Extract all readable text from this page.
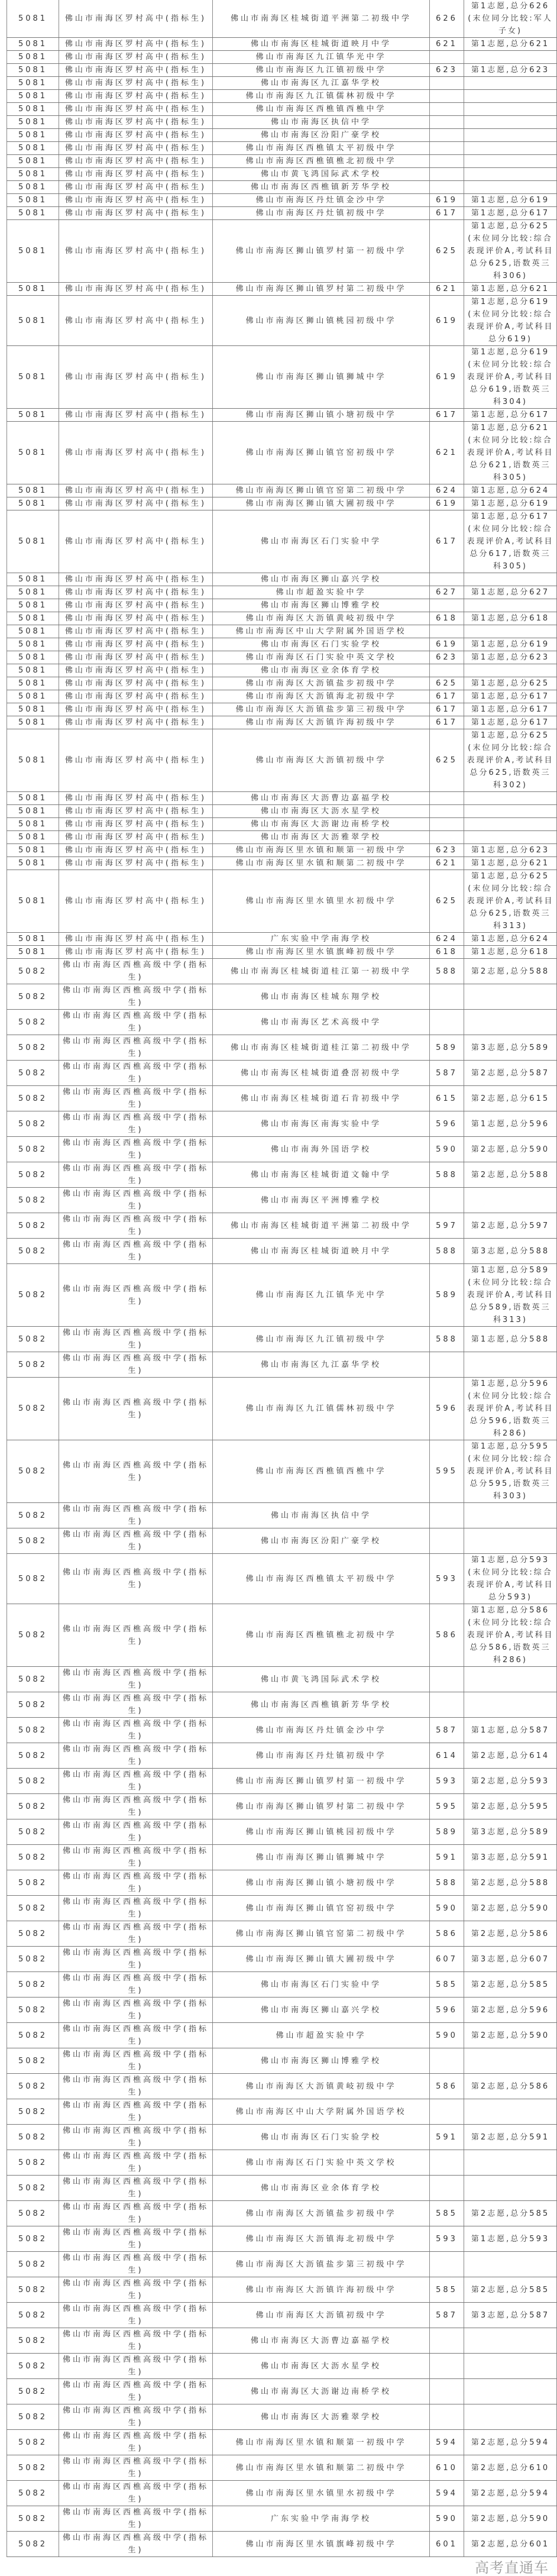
5081	佛山市南海区罗村高中(指标生)	佛山市南海区桂城街道平洲第二初级中学	626	第1志愿,总分626(末位同分比较:军人子女)
5081	佛山市南海区罗村高中(指标生)	佛山市南海区桂城街道映月中学	621	第1志愿,总分621
5081	佛山市南海区罗村高中(指标生)	佛山市南海区九江镇华光中学		
5081	佛山市南海区罗村高中(指标生)	佛山市南海区九江镇初级中学	623	第1志愿,总分623
5081	佛山市南海区罗村高中(指标生)	佛山市南海区九江嘉华学校		
5081	佛山市南海区罗村高中(指标生)	佛山市南海区九江镇儒林初级中学		
5081	佛山市南海区罗村高中(指标生)	佛山市南海区西樵镇西樵中学		
5081	佛山市南海区罗村高中(指标生)	佛山市南海区执信中学		
5081	佛山市南海区罗村高中(指标生)	佛山市南海区汾阳广豪学校		
5081	佛山市南海区罗村高中(指标生)	佛山市南海区西樵镇太平初级中学		
5081	佛山市南海区罗村高中(指标生)	佛山市南海区西樵镇樵北初级中学		
5081	佛山市南海区罗村高中(指标生)	佛山市黄飞鸿国际武术学校		
5081	佛山市南海区罗村高中(指标生)	佛山市南海区西樵镇新芳华学校		
5081	佛山市南海区罗村高中(指标生)	佛山市南海区丹灶镇金沙中学	619	第1志愿,总分619
5081	佛山市南海区罗村高中(指标生)	佛山市南海区丹灶镇初级中学	617	第1志愿,总分617
5081	佛山市南海区罗村高中(指标生)	佛山市南海区狮山镇罗村第一初级中学	625	第1志愿,总分625(末位同分比较:综合表现评价A,考试科目总分625,语数英三科306)
5081	佛山市南海区罗村高中(指标生)	佛山市南海区狮山镇罗村第二初级中学	621	第1志愿,总分621
5081	佛山市南海区罗村高中(指标生)	佛山市南海区狮山镇桃园初级中学	619	第1志愿,总分619(末位同分比较:综合表现评价A,考试科目总分619)
5081	佛山市南海区罗村高中(指标生)	佛山市南海区狮山镇狮城中学	619	第1志愿,总分619(末位同分比较:综合表现评价A,考试科目总分619,语数英三科304)
5081	佛山市南海区罗村高中(指标生)	佛山市南海区狮山镇小塘初级中学	617	第1志愿,总分617
5081	佛山市南海区罗村高中(指标生)	佛山市南海区狮山镇官窑初级中学	621	第1志愿,总分621(末位同分比较:综合表现评价A,考试科目总分621,语数英三科305)
5081	佛山市南海区罗村高中(指标生)	佛山市南海区狮山镇官窑第二初级中学	624	第1志愿,总分624
5081	佛山市南海区罗村高中(指标生)	佛山市南海区狮山镇大圃初级中学	619	第1志愿,总分619
5081	佛山市南海区罗村高中(指标生)	佛山市南海区石门实验中学	617	第1志愿,总分617(末位同分比较:综合表现评价A,考试科目总分617,语数英三科305)
5081	佛山市南海区罗村高中(指标生)	佛山市南海区狮山嘉兴学校		
5081	佛山市南海区罗村高中(指标生)	佛山市超盈实验中学	627	第1志愿,总分627
5081	佛山市南海区罗村高中(指标生)	佛山市南海区狮山博雅学校		
5081	佛山市南海区罗村高中(指标生)	佛山市南海区大沥镇黄岐初级中学	618	第1志愿,总分618
5081	佛山市南海区罗村高中(指标生)	佛山市南海区中山大学附属外国语学校		
5081	佛山市南海区罗村高中(指标生)	佛山市南海区石门实验学校	619	第1志愿,总分619
5081	佛山市南海区罗村高中(指标生)	佛山市南海区石门实验中英文学校	623	第1志愿,总分623
5081	佛山市南海区罗村高中(指标生)	佛山市南海区业余体育学校		
5081	佛山市南海区罗村高中(指标生)	佛山市南海区大沥镇盐步初级中学	625	第1志愿,总分625
5081	佛山市南海区罗村高中(指标生)	佛山市南海区大沥镇海北初级中学	617	第1志愿,总分617
5081	佛山市南海区罗村高中(指标生)	佛山市南海区大沥镇盐步第三初级中学	617	第1志愿,总分617
5081	佛山市南海区罗村高中(指标生)	佛山市南海区大沥镇许海初级中学	617	第1志愿,总分617
5081	佛山市南海区罗村高中(指标生)	佛山市南海区大沥镇初级中学	625	第1志愿,总分625(末位同分比较:综合表现评价A,考试科目总分625,语数英三科302)
5081	佛山市南海区罗村高中(指标生)	佛山市南海区大沥曹边嘉福学校		
5081	佛山市南海区罗村高中(指标生)	佛山市南海区大沥水星学校		
5081	佛山市南海区罗村高中(指标生)	佛山市南海区大沥谢边南桥学校		
5081	佛山市南海区罗村高中(指标生)	佛山市南海区大沥雅翠学校		
5081	佛山市南海区罗村高中(指标生)	佛山市南海区里水镇和顺第一初级中学	623	第1志愿,总分623
5081	佛山市南海区罗村高中(指标生)	佛山市南海区里水镇和顺第二初级中学	621	第1志愿,总分621
5081	佛山市南海区罗村高中(指标生)	佛山市南海区里水镇里水初级中学	625	第1志愿,总分625(末位同分比较:综合表现评价A,考试科目总分625,语数英三科313)
5081	佛山市南海区罗村高中(指标生)	广东实验中学南海学校	624	第1志愿,总分624
5081	佛山市南海区罗村高中(指标生)	佛山市南海区里水镇旗峰初级中学	618	第1志愿,总分618
5082	佛山市南海区西樵高级中学(指标生)	佛山市南海区桂城街道桂江第一初级中学	588	第2志愿,总分588
5082	佛山市南海区西樵高级中学(指标生)	佛山市南海区桂城东翔学校		
5082	佛山市南海区西樵高级中学(指标生)	佛山市南海区艺术高级中学		
5082	佛山市南海区西樵高级中学(指标生)	佛山市南海区桂城街道桂江第二初级中学	589	第3志愿,总分589
5082	佛山市南海区西樵高级中学(指标生)	佛山市南海区桂城街道叠滘初级中学	587	第2志愿,总分587
5082	佛山市南海区西樵高级中学(指标生)	佛山市南海区桂城街道石肯初级中学	615	第2志愿,总分615
5082	佛山市南海区西樵高级中学(指标生)	佛山市南海区南海实验中学	596	第1志愿,总分596
5082	佛山市南海区西樵高级中学(指标生)	佛山市南海外国语学校	590	第2志愿,总分590
5082	佛山市南海区西樵高级中学(指标生)	佛山市南海区桂城街道文翰中学	588	第2志愿,总分588
5082	佛山市南海区西樵高级中学(指标生)	佛山市南海区平洲博雅学校		
5082	佛山市南海区西樵高级中学(指标生)	佛山市南海区桂城街道平洲第二初级中学	597	第2志愿,总分597
5082	佛山市南海区西樵高级中学(指标生)	佛山市南海区桂城街道映月中学	588	第3志愿,总分588
5082	佛山市南海区西樵高级中学(指标生)	佛山市南海区九江镇华光中学	589	第1志愿,总分589(末位同分比较:综合表现评价A,考试科目总分589,语数英三科313)
5082	佛山市南海区西樵高级中学(指标生)	佛山市南海区九江镇初级中学	588	第1志愿,总分588
5082	佛山市南海区西樵高级中学(指标生)	佛山市南海区九江嘉华学校		
5082	佛山市南海区西樵高级中学(指标生)	佛山市南海区九江镇儒林初级中学	596	第1志愿,总分596(末位同分比较:综合表现评价A,考试科目总分596,语数英三科286)
5082	佛山市南海区西樵高级中学(指标生)	佛山市南海区西樵镇西樵中学	595	第1志愿,总分595(末位同分比较:综合表现评价A,考试科目总分595,语数英三科303)
5082	佛山市南海区西樵高级中学(指标生)	佛山市南海区执信中学		
5082	佛山市南海区西樵高级中学(指标生)	佛山市南海区汾阳广豪学校		
5082	佛山市南海区西樵高级中学(指标生)	佛山市南海区西樵镇太平初级中学	593	第1志愿,总分593(末位同分比较:综合表现评价A,考试科目总分593)
5082	佛山市南海区西樵高级中学(指标生)	佛山市南海区西樵镇樵北初级中学	586	第1志愿,总分586(末位同分比较:综合表现评价A,考试科目总分586,语数英三科286)
5082	佛山市南海区西樵高级中学(指标生)	佛山市黄飞鸿国际武术学校		
5082	佛山市南海区西樵高级中学(指标生)	佛山市南海区西樵镇新芳华学校		
5082	佛山市南海区西樵高级中学(指标生)	佛山市南海区丹灶镇金沙中学	587	第1志愿,总分587
5082	佛山市南海区西樵高级中学(指标生)	佛山市南海区丹灶镇初级中学	614	第2志愿,总分614
5082	佛山市南海区西樵高级中学(指标生)	佛山市南海区狮山镇罗村第一初级中学	593	第2志愿,总分593
5082	佛山市南海区西樵高级中学(指标生)	佛山市南海区狮山镇罗村第二初级中学	595	第2志愿,总分595
5082	佛山市南海区西樵高级中学(指标生)	佛山市南海区狮山镇桃园初级中学	589	第3志愿,总分589
5082	佛山市南海区西樵高级中学(指标生)	佛山市南海区狮山镇狮城中学	591	第3志愿,总分591
5082	佛山市南海区西樵高级中学(指标生)	佛山市南海区狮山镇小塘初级中学	588	第2志愿,总分588
5082	佛山市南海区西樵高级中学(指标生)	佛山市南海区狮山镇官窑初级中学	590	第2志愿,总分590
5082	佛山市南海区西樵高级中学(指标生)	佛山市南海区狮山镇官窑第二初级中学	586	第2志愿,总分586
5082	佛山市南海区西樵高级中学(指标生)	佛山市南海区狮山镇大圃初级中学	607	第3志愿,总分607
5082	佛山市南海区西樵高级中学(指标生)	佛山市南海区石门实验中学	585	第2志愿,总分585
5082	佛山市南海区西樵高级中学(指标生)	佛山市南海区狮山嘉兴学校	596	第2志愿,总分596
5082	佛山市南海区西樵高级中学(指标生)	佛山市超盈实验中学	590	第2志愿,总分590
5082	佛山市南海区西樵高级中学(指标生)	佛山市南海区狮山博雅学校		
5082	佛山市南海区西樵高级中学(指标生)	佛山市南海区大沥镇黄岐初级中学	586	第2志愿,总分586
5082	佛山市南海区西樵高级中学(指标生)	佛山市南海区中山大学附属外国语学校		
5082	佛山市南海区西樵高级中学(指标生)	佛山市南海区石门实验学校	591	第2志愿,总分591
5082	佛山市南海区西樵高级中学(指标生)	佛山市南海区石门实验中英文学校		
5082	佛山市南海区西樵高级中学(指标生)	佛山市南海区业余体育学校		
5082	佛山市南海区西樵高级中学(指标生)	佛山市南海区大沥镇盐步初级中学	585	第2志愿,总分585
5082	佛山市南海区西樵高级中学(指标生)	佛山市南海区大沥镇海北初级中学	593	第1志愿,总分593
5082	佛山市南海区西樵高级中学(指标生)	佛山市南海区大沥镇盐步第三初级中学		
5082	佛山市南海区西樵高级中学(指标生)	佛山市南海区大沥镇许海初级中学	585	第2志愿,总分585
5082	佛山市南海区西樵高级中学(指标生)	佛山市南海区大沥镇初级中学	587	第3志愿,总分587
5082	佛山市南海区西樵高级中学(指标生)	佛山市南海区大沥曹边嘉福学校		
5082	佛山市南海区西樵高级中学(指标生)	佛山市南海区大沥水星学校		
5082	佛山市南海区西樵高级中学(指标生)	佛山市南海区大沥谢边南桥学校		
5082	佛山市南海区西樵高级中学(指标生)	佛山市南海区大沥雅翠学校		
5082	佛山市南海区西樵高级中学(指标生)	佛山市南海区里水镇和顺第一初级中学	594	第2志愿,总分594
5082	佛山市南海区西樵高级中学(指标生)	佛山市南海区里水镇和顺第二初级中学	610	第2志愿,总分610
5082	佛山市南海区西樵高级中学(指标生)	佛山市南海区里水镇里水初级中学	594	第2志愿,总分594
5082	佛山市南海区西樵高级中学(指标生)	广东实验中学南海学校	590	第2志愿,总分590
5082	佛山市南海区西樵高级中学(指标生)	佛山市南海区里水镇旗峰初级中学	601	第2志愿,总分601
高考直通车
